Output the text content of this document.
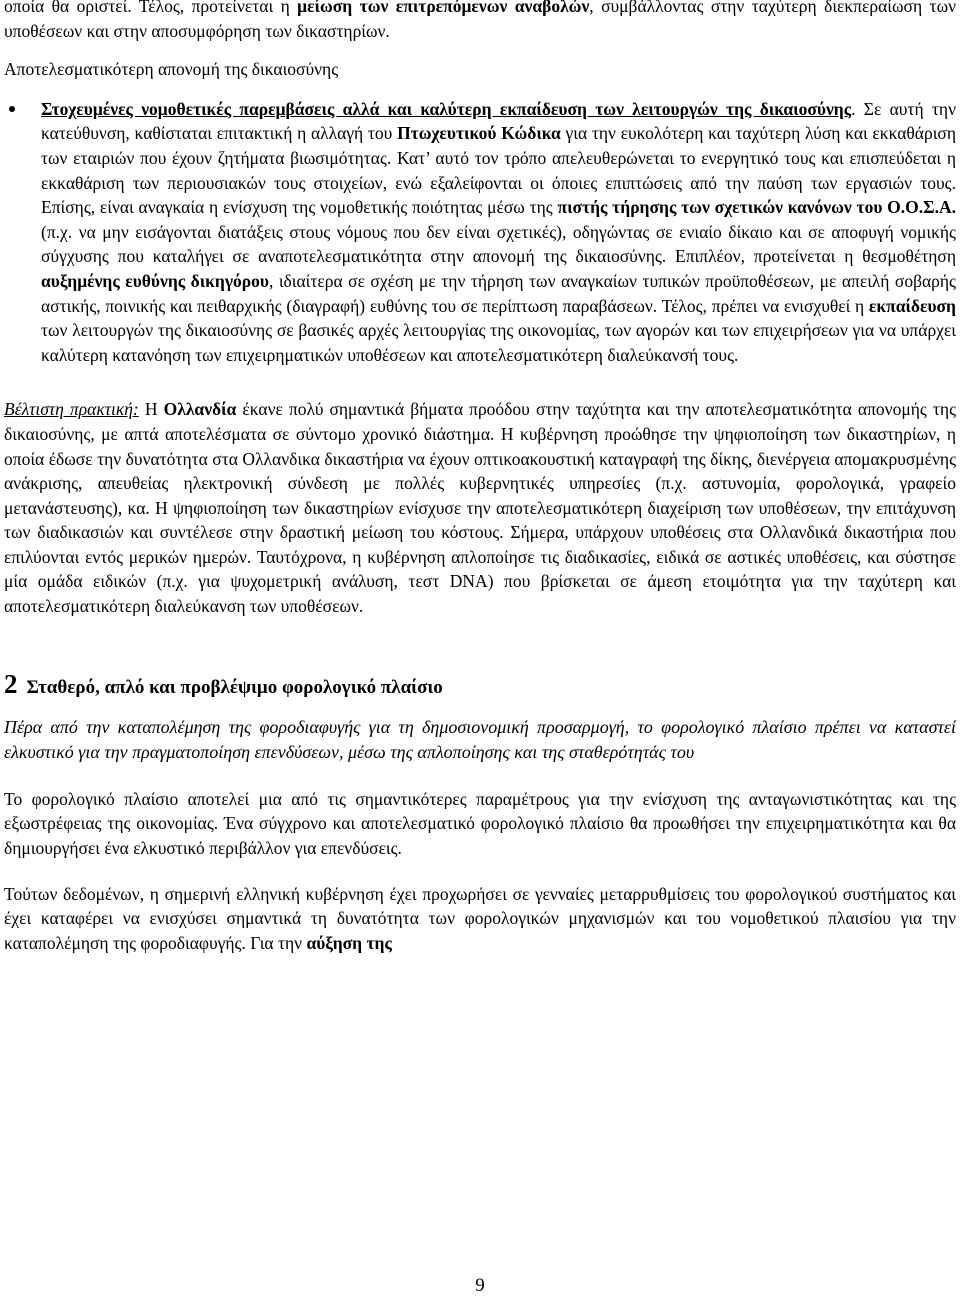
οποία θα οριστεί. Τέλος, προτείνεται η μείωση των επιτρεπόμενων αναβολών, συμβάλλοντας στην ταχύτερη διεκπεραίωση των υποθέσεων και στην αποσυμφόρηση των δικαστηρίων.

Αποτελεσματικότερη απονομή της δικαιοσύνης

Στοχευμένες νομοθετικές παρεμβάσεις αλλά και καλύτερη εκπαίδευση των λειτουργών της δικαιοσύνης. Σε αυτή την κατεύθυνση, καθίσταται επιτακτική η αλλαγή του Πτωχευτικού Κώδικα για την ευκολότερη και ταχύτερη λύση και εκκαθάριση των εταιριών που έχουν ζητήματα βιωσιμότητας. Κατ’ αυτό τον τρόπο απελευθερώνεται το ενεργητικό τους και επισπεύδεται η εκκαθάριση των περιουσιακών τους στοιχείων, ενώ εξαλείφονται οι όποιες επιπτώσεις από την παύση των εργασιών τους. Επίσης, είναι αναγκαία η ενίσχυση της νομοθετικής ποιότητας μέσω της πιστής τήρησης των σχετικών κανόνων του Ο.Ο.Σ.Α. (π.χ. να μην εισάγονται διατάξεις στους νόμους που δεν είναι σχετικές), οδηγώντας σε ενιαίο δίκαιο και σε αποφυγή νομικής σύγχυσης που καταλήγει σε αναποτελεσματικότητα στην απονομή της δικαιοσύνης. Επιπλέον, προτείνεται η θεσμοθέτηση αυξημένης ευθύνης δικηγόρου, ιδιαίτερα σε σχέση με την τήρηση των αναγκαίων τυπικών προϋποθέσεων, με απειλή σοβαρής αστικής, ποινικής και πειθαρχικής (διαγραφή) ευθύνης του σε περίπτωση παραβάσεων. Τέλος, πρέπει να ενισχυθεί η εκπαίδευση των λειτουργών της δικαιοσύνης σε βασικές αρχές λειτουργίας της οικονομίας, των αγορών και των επιχειρήσεων για να υπάρχει καλύτερη κατανόηση των επιχειρηματικών υποθέσεων και αποτελεσματικότερη διαλεύκανσή τους.

Βέλτιστη πρακτική: Η Ολλανδία έκανε πολύ σημαντικά βήματα προόδου στην ταχύτητα και την αποτελεσματικότητα απονομής της δικαιοσύνης, με απτά αποτελέσματα σε σύντομο χρονικό διάστημα. Η κυβέρνηση προώθησε την ψηφιοποίηση των δικαστηρίων, η οποία έδωσε την δυνατότητα στα Ολλανδικα δικαστήρια να έχουν οπτικοακουστική καταγραφή της δίκης, διενέργεια απομακρυσμένης ανάκρισης, απευθείας ηλεκτρονική σύνδεση με πολλές κυβερνητικές υπηρεσίες (π.χ. αστυνομία, φορολογικά, γραφείο μετανάστευσης), κα. Η ψηφιοποίηση των δικαστηρίων ενίσχυσε την αποτελεσματικότερη διαχείριση των υποθέσεων, την επιτάχυνση των διαδικασιών και συντέλεσε στην δραστική μείωση του κόστους. Σήμερα, υπάρχουν υποθέσεις στα Ολλανδικά δικαστήρια που επιλύονται εντός μερικών ημερών. Ταυτόχρονα, η κυβέρνηση απλοποίησε τις διαδικασίες, ειδικά σε αστικές υποθέσεις, και σύστησε μία ομάδα ειδικών (π.χ. για ψυχομετρική ανάλυση, τεστ DNA) που βρίσκεται σε άμεση ετοιμότητα για την ταχύτερη και αποτελεσματικότερη διαλεύκανση των υποθέσεων.

2 Σταθερό, απλό και προβλέψιμο φορολογικό πλαίσιο

Πέρα από την καταπολέμηση της φοροδιαφυγής για τη δημοσιονομική προσαρμογή, το φορολογικό πλαίσιο πρέπει να καταστεί ελκυστικό για την πραγματοποίηση επενδύσεων, μέσω της απλοποίησης και της σταθερότητάς του

Το φορολογικό πλαίσιο αποτελεί μια από τις σημαντικότερες παραμέτρους για την ενίσχυση της ανταγωνιστικότητας και της εξωστρέφειας της οικονομίας. Ένα σύγχρονο και αποτελεσματικό φορολογικό πλαίσιο θα προωθήσει την επιχειρηματικότητα και θα δημιουργήσει ένα ελκυστικό περιβάλλον για επενδύσεις.

Τούτων δεδομένων, η σημερινή ελληνική κυβέρνηση έχει προχωρήσει σε γενναίες μεταρρυθμίσεις του φορολογικού συστήματος και έχει καταφέρει να ενισχύσει σημαντικά τη δυνατότητα των φορολογικών μηχανισμών και του νομοθετικού πλαισίου για την καταπολέμηση της φοροδιαφυγής. Για την αύξηση της

9
